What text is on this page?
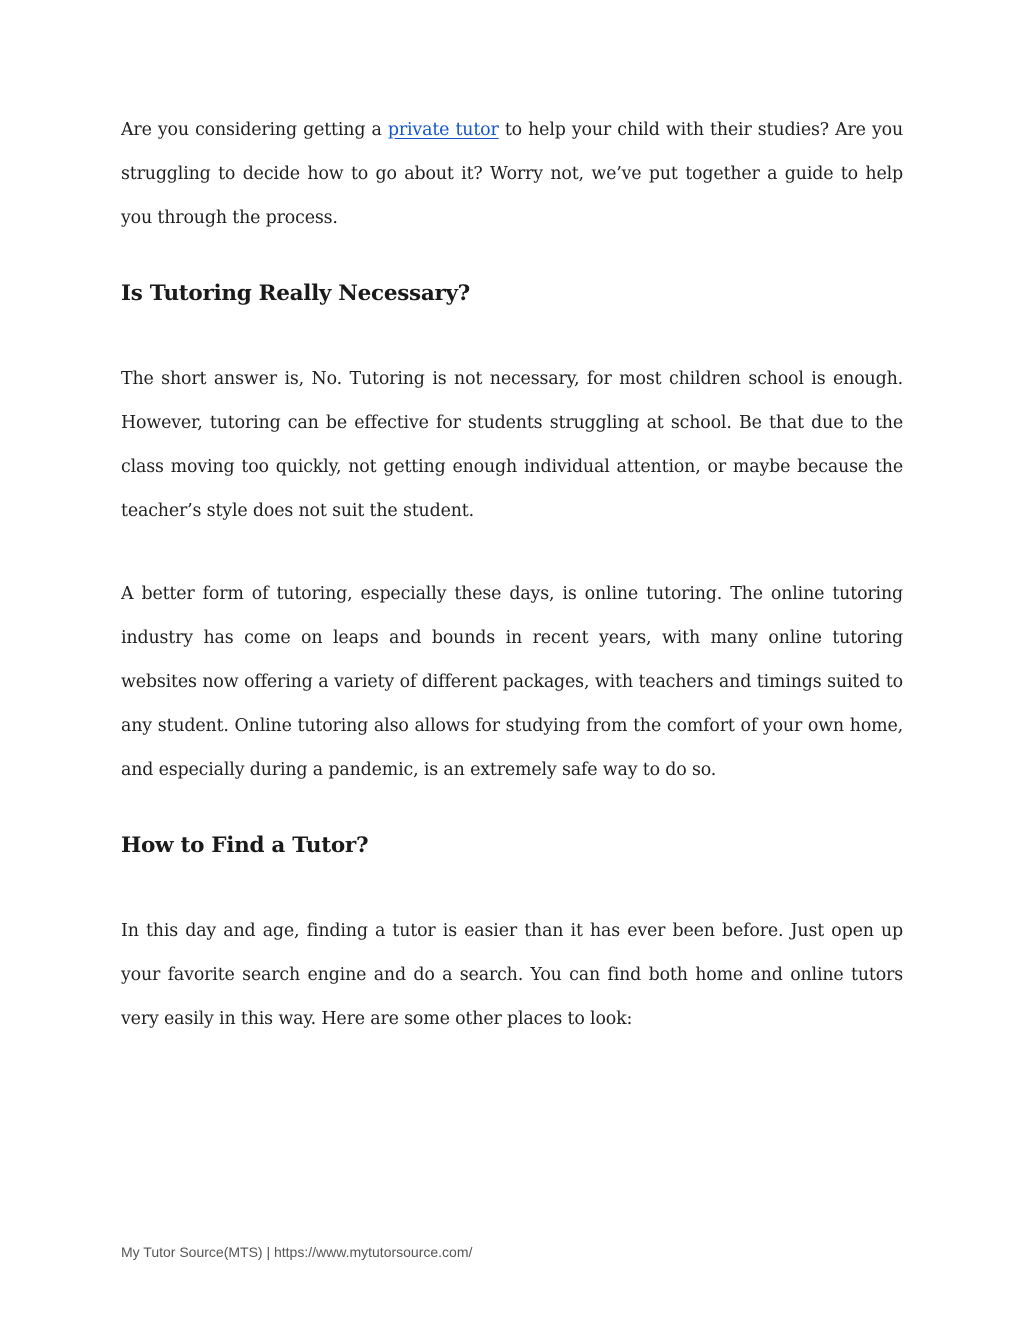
Are you considering getting a private tutor to help your child with their studies? Are you struggling to decide how to go about it? Worry not, we’ve put together a guide to help you through the process.

Is Tutoring Really Necessary?

The short answer is, No. Tutoring is not necessary, for most children school is enough. However, tutoring can be effective for students struggling at school. Be that due to the class moving too quickly, not getting enough individual attention, or maybe because the teacher’s style does not suit the student.

A better form of tutoring, especially these days, is online tutoring. The online tutoring industry has come on leaps and bounds in recent years, with many online tutoring websites now offering a variety of different packages, with teachers and timings suited to any student. Online tutoring also allows for studying from the comfort of your own home, and especially during a pandemic, is an extremely safe way to do so.

How to Find a Tutor?

In this day and age, finding a tutor is easier than it has ever been before. Just open up your favorite search engine and do a search. You can find both home and online tutors very easily in this way. Here are some other places to look:

My Tutor Source(MTS) | https://www.mytutorsource.com/
